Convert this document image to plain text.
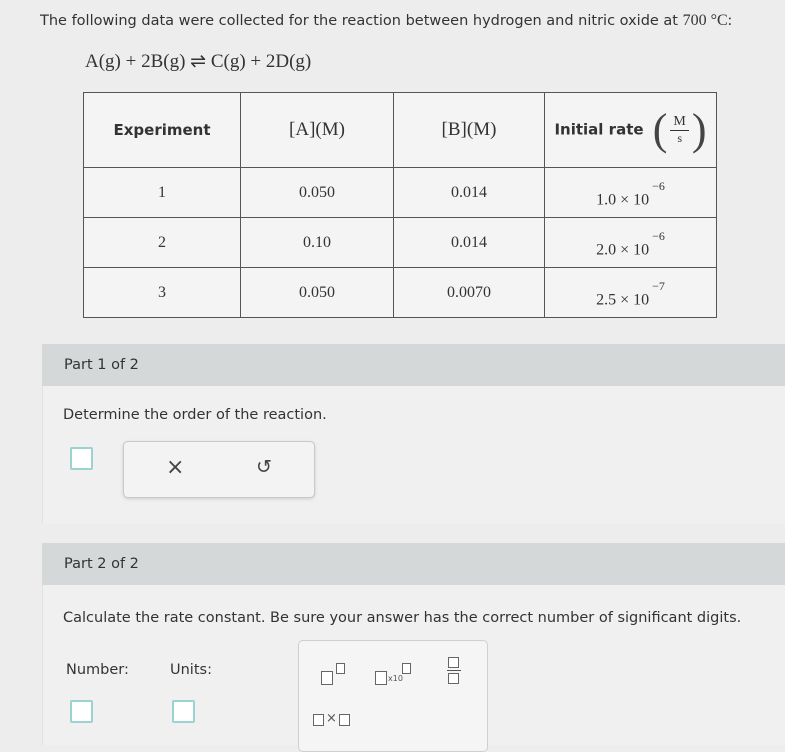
The following data were collected for the reaction between hydrogen and nitric oxide at 700 °C:
A(g) + 2B(g) ⇌ C(g) + 2D(g)
Experiment	[A](M)	[B](M)	Initial rate ( $\frac{M}{s}$ )

1	0.050	0.014	$1.0 \times 10^{-6}$
2	0.10	0.014	$2.0 \times 10^{-6}$
3	0.050	0.0070	$2.5 \times 10^{-7}$
Part 1 of 2
Determine the order of the reaction.
×	↺
Part 2 of 2
Calculate the rate constant. Be sure your answer has the correct number of significant digits.
Number:	Units:
x10
×
